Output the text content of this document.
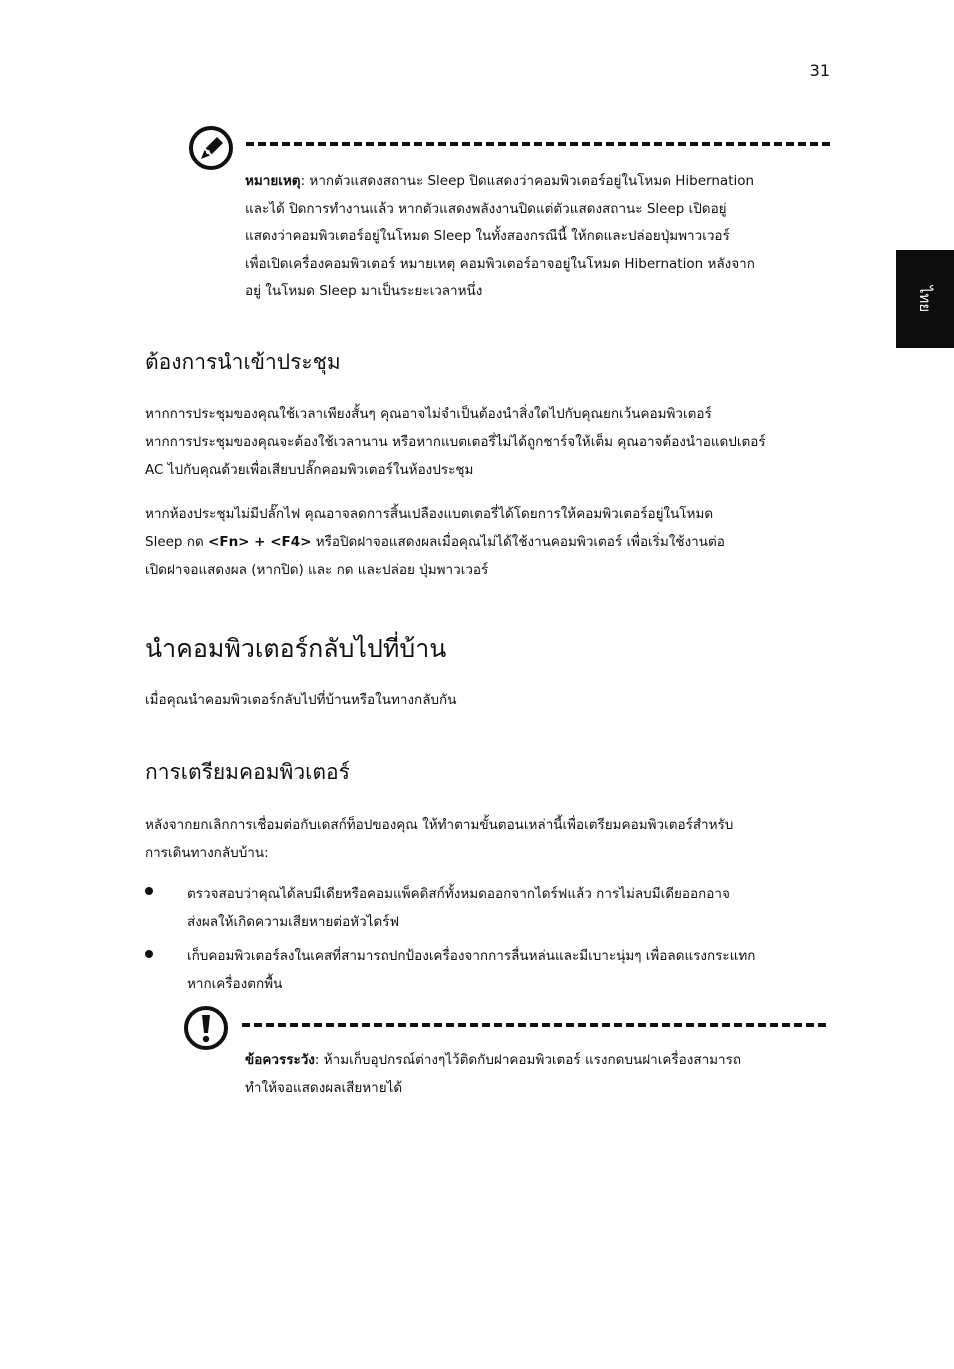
31
ไทย
หมายเหตุ: หากตัวแสดงสถานะ Sleep ปิดแสดงว่าคอมพิวเตอร์อยู่ในโหมด Hibernation
และได้ ปิดการทำงานแล้ว หากตัวแสดงพลังงานปิดแต่ตัวแสดงสถานะ Sleep เปิดอยู่
แสดงว่าคอมพิวเตอร์อยู่ในโหมด Sleep ในทั้งสองกรณีนี้ ให้กดและปล่อยปุ่มพาวเวอร์
เพื่อเปิดเครื่องคอมพิวเตอร์ หมายเหตุ คอมพิวเตอร์อาจอยู่ในโหมด Hibernation หลังจาก
อยู่ ในโหมด Sleep มาเป็นระยะเวลาหนึ่ง
ต้องการนำเข้าประชุม

หากการประชุมของคุณใช้เวลาเพียงสั้นๆ คุณอาจไม่จำเป็นต้องนำสิ่งใดไปกับคุณยกเว้นคอมพิวเตอร์
หากการประชุมของคุณจะต้องใช้เวลานาน หรือหากแบตเตอรี่ไม่ได้ถูกชาร์จให้เต็ม คุณอาจต้องนำอแดปเตอร์
AC ไปกับคุณด้วยเพื่อเสียบปลั๊กคอมพิวเตอร์ในห้องประชุม

หากห้องประชุมไม่มีปลั๊กไฟ คุณอาจลดการสิ้นเปลืองแบตเตอรี่ได้โดยการให้คอมพิวเตอร์อยู่ในโหมด
Sleep กด <Fn> + <F4> หรือปิดฝาจอแสดงผลเมื่อคุณไม่ได้ใช้งานคอมพิวเตอร์ เพื่อเริ่มใช้งานต่อ
เปิดฝาจอแสดงผล (หากปิด) และ กด และปล่อย ปุ่มพาวเวอร์

นำคอมพิวเตอร์กลับไปที่บ้าน

เมื่อคุณนำคอมพิวเตอร์กลับไปที่บ้านหรือในทางกลับกัน

การเตรียมคอมพิวเตอร์

หลังจากยกเลิกการเชื่อมต่อกับเดสก์ท็อปของคุณ ให้ทำตามขั้นตอนเหล่านี้เพื่อเตรียมคอมพิวเตอร์สำหรับ
การเดินทางกลับบ้าน:

ตรวจสอบว่าคุณได้ลบมีเดียหรือคอมแพ็คดิสก์ทั้งหมดออกจากไดร์ฟแล้ว การไม่ลบมีเดียออกอาจ
ส่งผลให้เกิดความเสียหายต่อหัวไดร์ฟ

เก็บคอมพิวเตอร์ลงในเคสที่สามารถปกป้องเครื่องจากการลื่นหล่นและมีเบาะนุ่มๆ เพื่อลดแรงกระแทก
หากเครื่องตกพื้น

ข้อควรระวัง: ห้ามเก็บอุปกรณ์ต่างๆไว้ติดกับฝาคอมพิวเตอร์ แรงกดบนฝาเครื่องสามารถ
ทำให้จอแสดงผลเสียหายได้
